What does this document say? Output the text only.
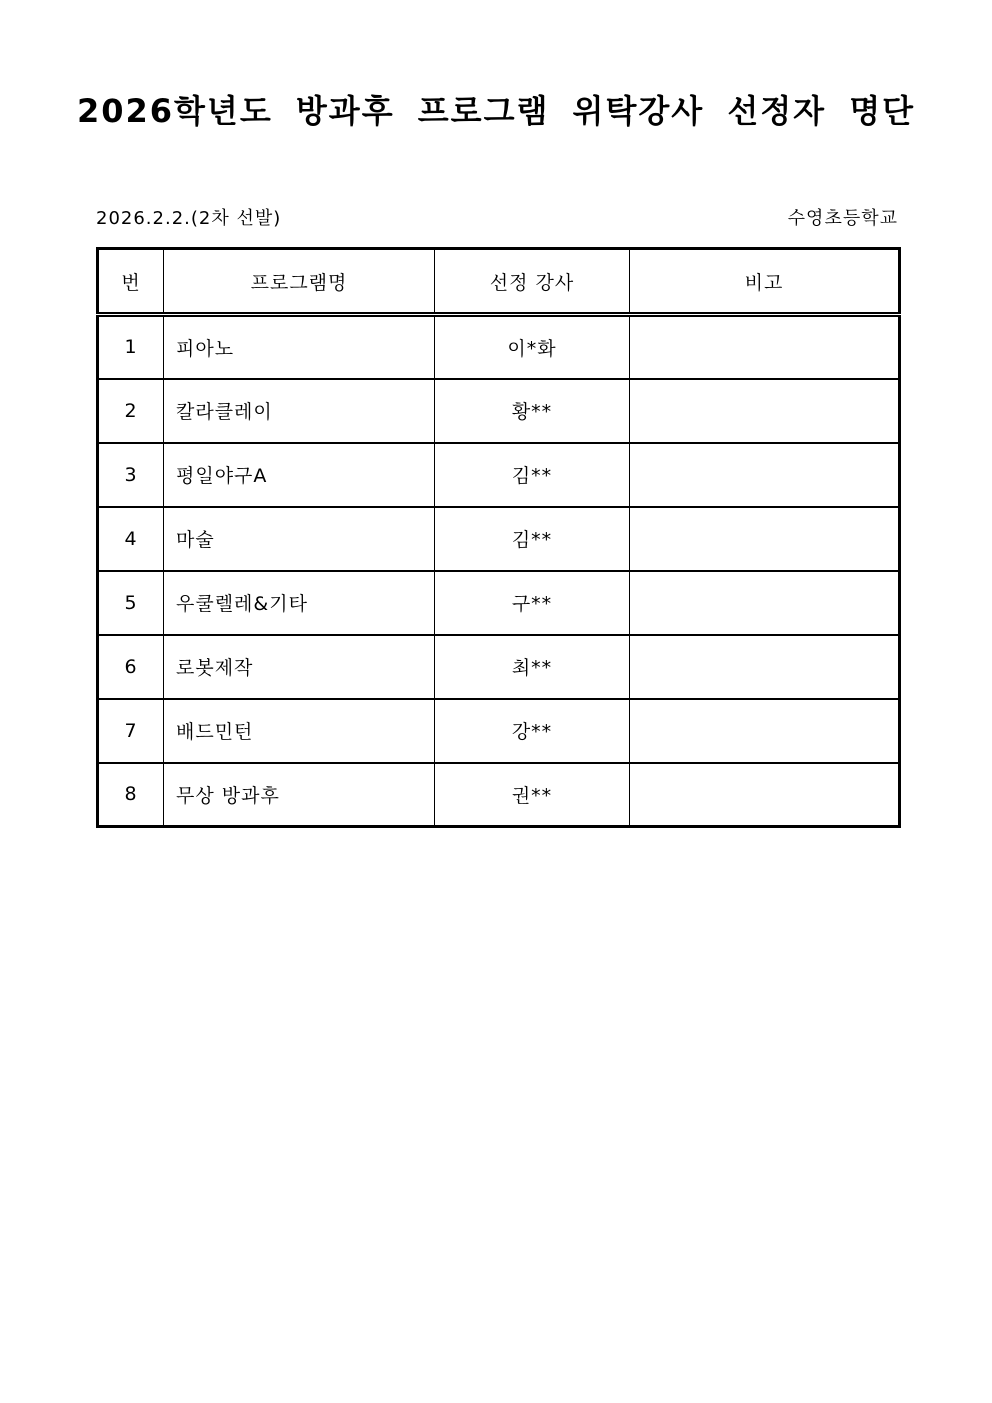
2026학년도 방과후 프로그램 위탁강사 선정자 명단
2026.2.2.(2차 선발)	수영초등학교
번	프로그램명	선정 강사	비고
1	피아노	이*화	
2	칼라클레이	황**	
3	평일야구A	김**	
4	마술	김**	
5	우쿨렐레&기타	구**	
6	로봇제작	최**	
7	배드민턴	강**	
8	무상 방과후	권**	
